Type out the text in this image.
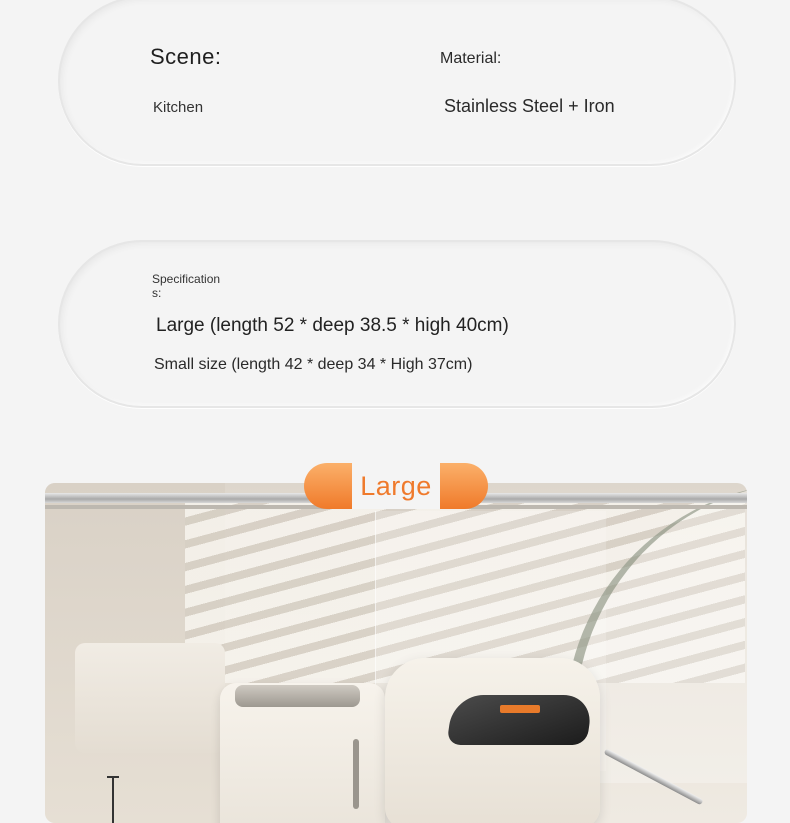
Scene:	Material:
Kitchen	Stainless Steel + Iron
Specifications:
Large (length 52 * deep 38.5 * high 40cm)
Small size (length 42 * deep 34 * High 37cm)
Large
